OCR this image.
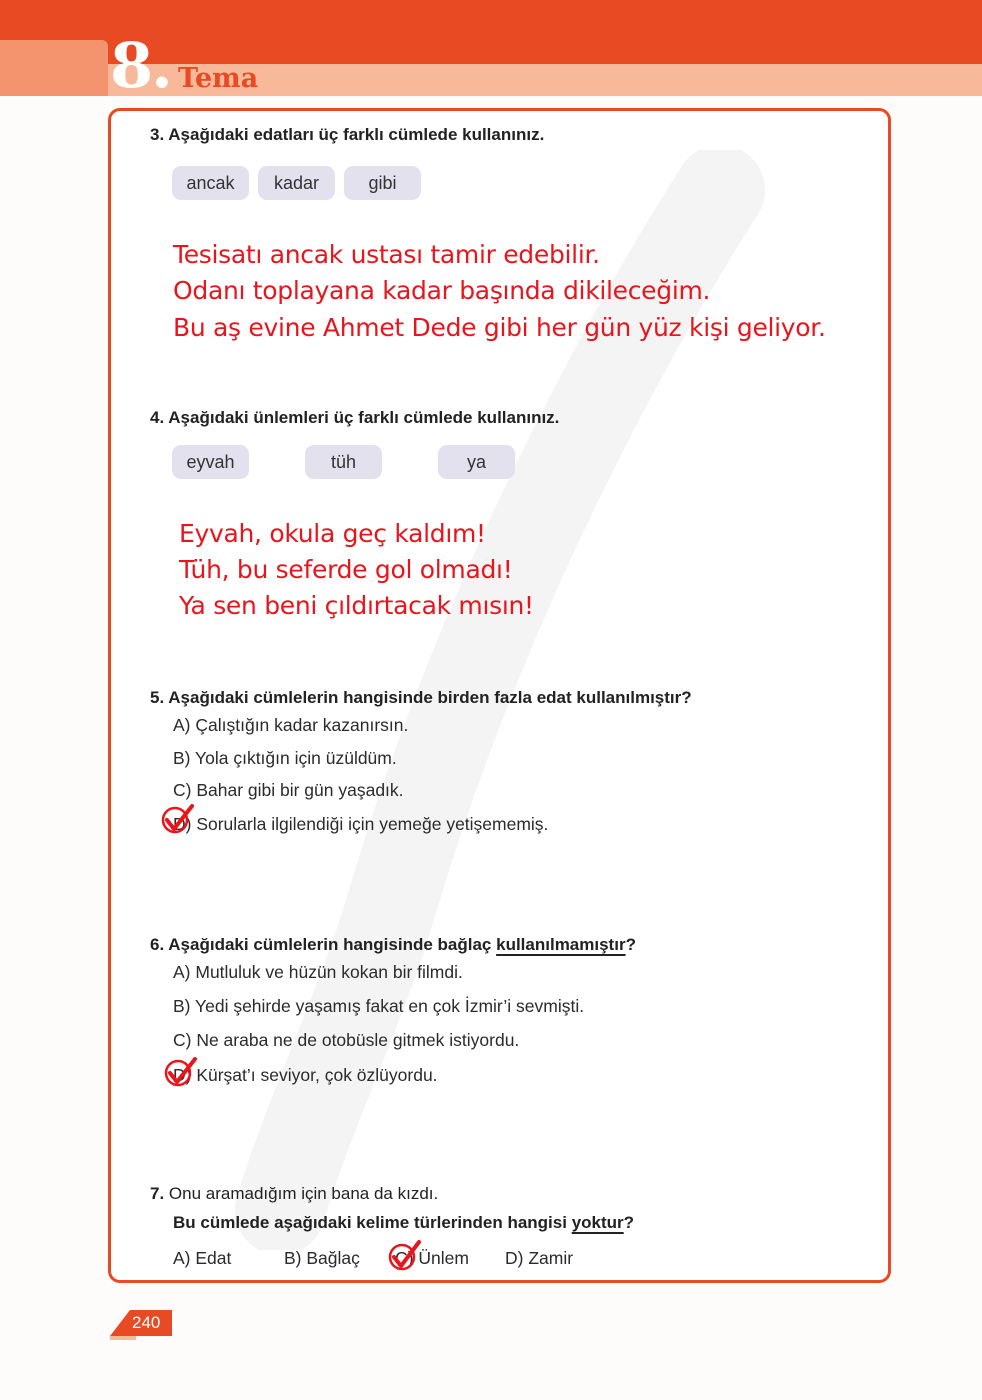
8. Tema
3. Aşağıdaki edatları üç farklı cümlede kullanınız.
ancak	kadar	gibi
Tesisatı ancak ustası tamir edebilir.
Odanı toplayana kadar başında dikileceğim.
Bu aş evine Ahmet Dede gibi her gün yüz kişi geliyor.
4. Aşağıdaki ünlemleri üç farklı cümlede kullanınız.
eyvah	tüh	ya
Eyvah, okula geç kaldım!
Tüh, bu seferde gol olmadı!
Ya sen beni çıldırtacak mısın!
5. Aşağıdaki cümlelerin hangisinde birden fazla edat kullanılmıştır?
A) Çalıştığın kadar kazanırsın.
B) Yola çıktığın için üzüldüm.
C) Bahar gibi bir gün yaşadık.
D) Sorularla ilgilendiği için yemeğe yetişememiş.
6. Aşağıdaki cümlelerin hangisinde bağlaç kullanılmamıştır?
A) Mutluluk ve hüzün kokan bir filmdi.
B) Yedi şehirde yaşamış fakat en çok İzmir’i sevmişti.
C) Ne araba ne de otobüsle gitmek istiyordu.
D) Kürşat’ı seviyor, çok özlüyordu.
7. Onu aramadığım için bana da kızdı.
Bu cümlede aşağıdaki kelime türlerinden hangisi yoktur?
A) Edat	B) Bağlaç C) Ünlem D) Zamir
240
